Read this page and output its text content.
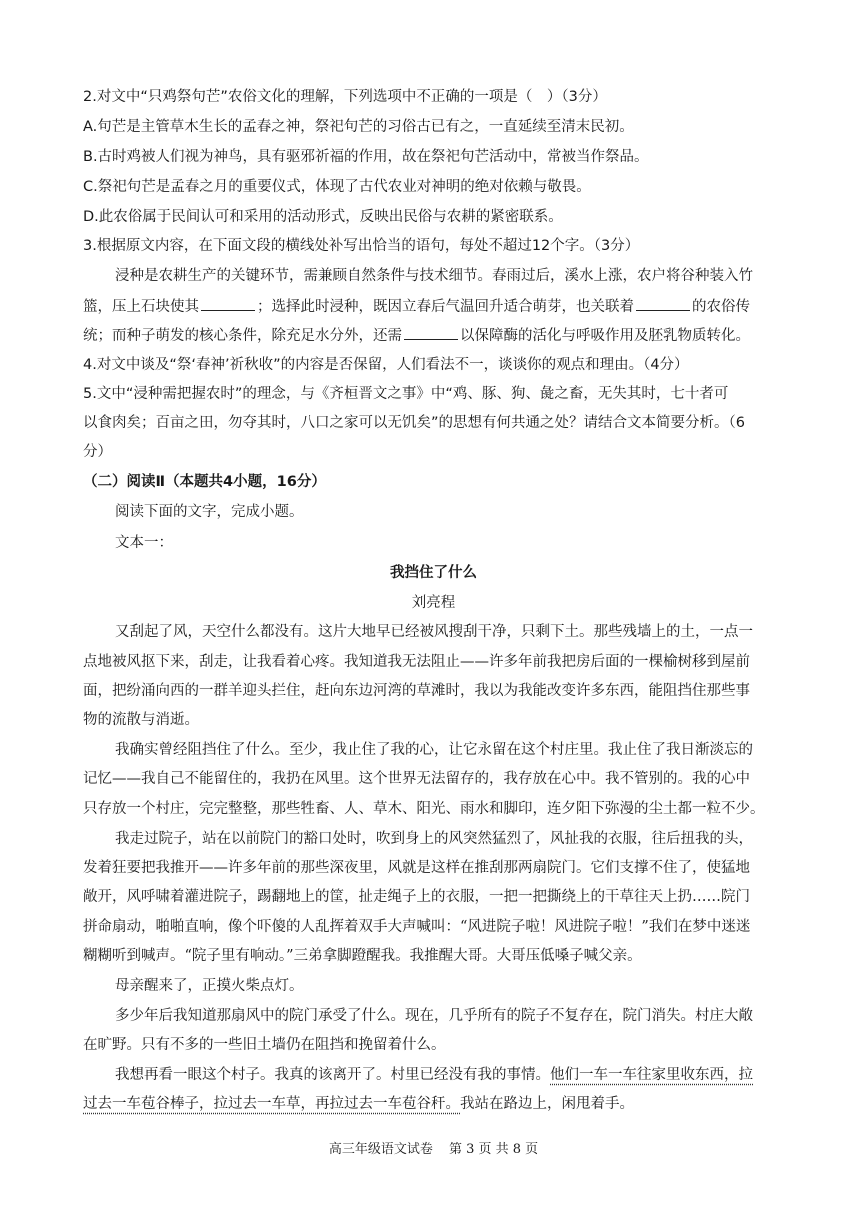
2.对文中“只鸡祭句芒”农俗文化的理解，下列选项中不正确的一项是（　）（3分）
A.句芒是主管草木生长的孟春之神，祭祀句芒的习俗古已有之，一直延续至清末民初。
B.古时鸡被人们视为神鸟，具有驱邪祈福的作用，故在祭祀句芒活动中，常被当作祭品。
C.祭祀句芒是孟春之月的重要仪式，体现了古代农业对神明的绝对依赖与敬畏。
D.此农俗属于民间认可和采用的活动形式，反映出民俗与农耕的紧密联系。
3.根据原文内容，在下面文段的横线处补写出恰当的语句，每处不超过12个字。（3分）
浸种是农耕生产的关键环节，需兼顾自然条件与技术细节。春雨过后，溪水上涨，农户将谷种装入竹
篮，压上石块使其	；选择此时浸种，既因立春后气温回升适合萌芽，也关联着	的农俗传
统；而种子萌发的核心条件，除充足水分外，还需	以保障酶的活化与呼吸作用及胚乳物质转化。
4.对文中谈及“祭‘春神’祈秋收”的内容是否保留，人们看法不一，谈谈你的观点和理由。（4分）
5.文中“浸种需把握农时”的理念，与《齐桓晋文之事》中“鸡、豚、狗、彘之畜，无失其时，七十者可
以食肉矣；百亩之田，勿夺其时，八口之家可以无饥矣”的思想有何共通之处？请结合文本简要分析。（6
分）
（二）阅读Ⅱ（本题共4小题，16分）
阅读下面的文字，完成小题。
文本一：
我挡住了什么
刘亮程
又刮起了风，天空什么都没有。这片大地早已经被风搜刮干净，只剩下土。那些残墙上的土，一点一
点地被风抠下来，刮走，让我看着心疼。我知道我无法阻止——许多年前我把房后面的一棵榆树移到屋前
面，把纷涌向西的一群羊迎头拦住，赶向东边河湾的草滩时，我以为我能改变许多东西，能阻挡住那些事
物的流散与消逝。
我确实曾经阻挡住了什么。至少，我止住了我的心，让它永留在这个村庄里。我止住了我日渐淡忘的
记忆——我自己不能留住的，我扔在风里。这个世界无法留存的，我存放在心中。我不管别的。我的心中
只存放一个村庄，完完整整，那些牲畜、人、草木、阳光、雨水和脚印，连夕阳下弥漫的尘土都一粒不少。
我走过院子，站在以前院门的豁口处时，吹到身上的风突然猛烈了，风扯我的衣服，往后扭我的头，
发着狂要把我推开——许多年前的那些深夜里，风就是这样在推刮那两扇院门。它们支撑不住了，使猛地
敞开，风呼啸着灌进院子，踢翻地上的筐，扯走绳子上的衣服，一把一把撕绕上的干草往天上扔……院门
拼命扇动，啪啪直响，像个吓傻的人乱挥着双手大声喊叫：“风进院子啦！风进院子啦！”我们在梦中迷迷
糊糊听到喊声。“院子里有响动。”三弟拿脚蹬醒我。我推醒大哥。大哥压低嗓子喊父亲。
母亲醒来了，正摸火柴点灯。
多少年后我知道那扇风中的院门承受了什么。现在，几乎所有的院子不复存在，院门消失。村庄大敞
在旷野。只有不多的一些旧土墙仍在阻挡和挽留着什么。
我想再看一眼这个村子。我真的该离开了。村里已经没有我的事情。他们一车一车往家里收东西，拉
过去一车苞谷棒子，拉过去一车草，再拉过去一车苞谷秆。我站在路边上，闲甩着手。
高三年级语文试卷 第 3 页 共 8 页
